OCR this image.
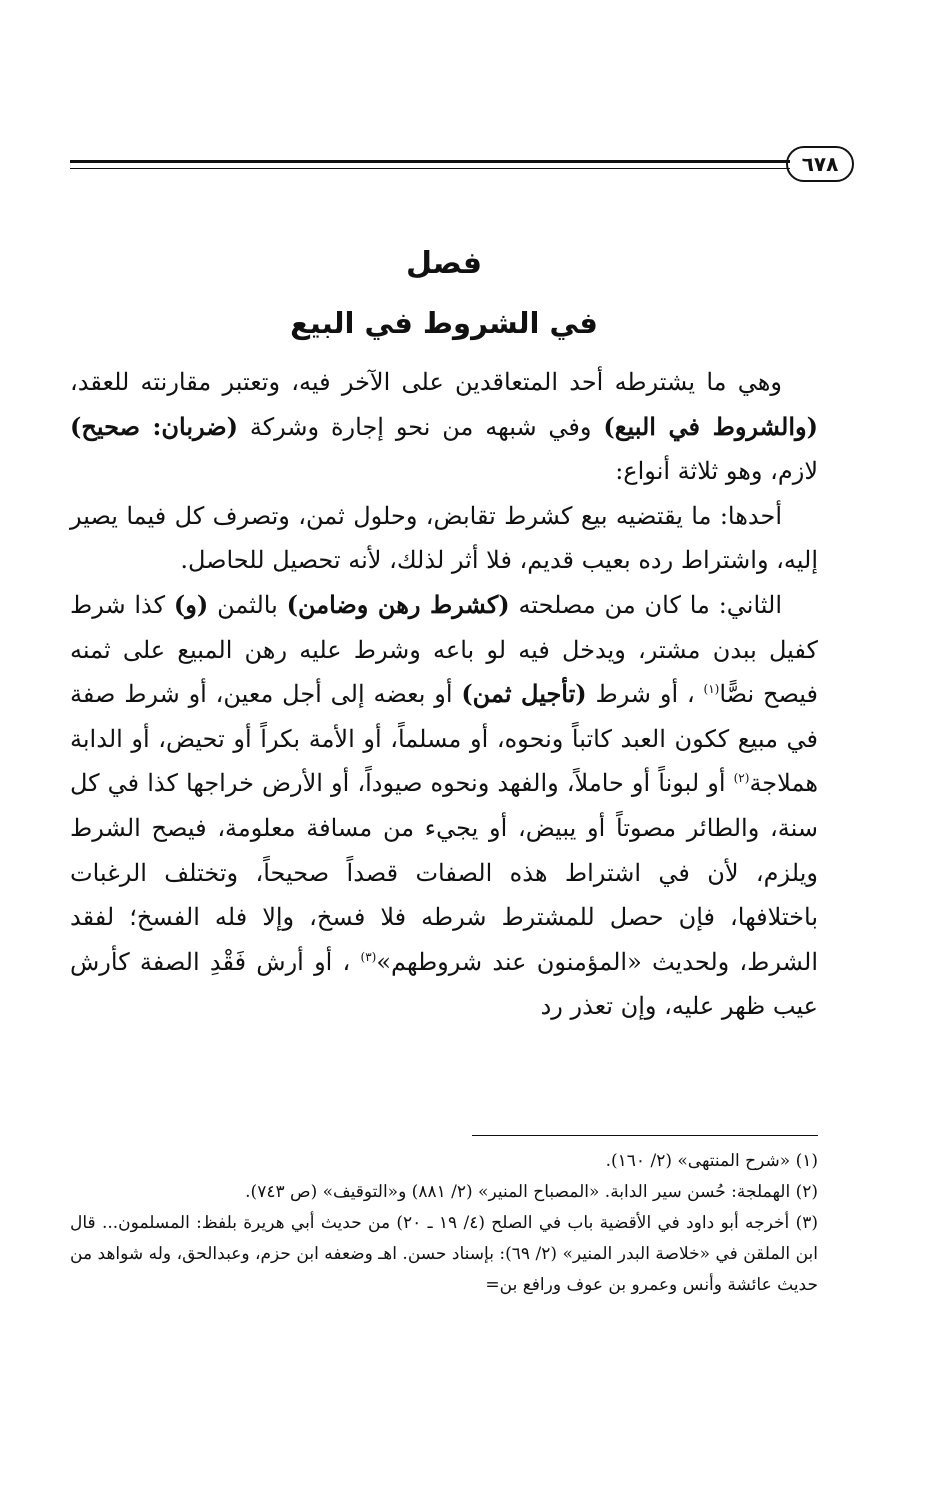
٦٧٨
فصل
في الشروط في البيع

وهي ما يشترطه أحد المتعاقدين على الآخر فيه، وتعتبر مقارنته للعقد، (والشروط في البيع) وفي شبهه من نحو إجارة وشركة (ضربان: صحيح) لازم، وهو ثلاثة أنواع:

أحدها: ما يقتضيه بيع كشرط تقابض، وحلول ثمن، وتصرف كل فيما يصير إليه، واشتراط رده بعيب قديم، فلا أثر لذلك، لأنه تحصيل للحاصل.

الثاني: ما كان من مصلحته (كشرط رهن وضامن) بالثمن (و) كذا شرط كفيل ببدن مشتر، ويدخل فيه لو باعه وشرط عليه رهن المبيع على ثمنه فيصح نصًّا$^{(١)}$ ، أو شرط (تأجيل ثمن) أو بعضه إلى أجل معين، أو شرط صفة في مبيع ككون العبد كاتباً ونحوه، أو مسلماً، أو الأمة بكراً أو تحيض، أو الدابة هملاجة$^{(٢)}$ أو لبوناً أو حاملاً، والفهد ونحوه صيوداً، أو الأرض خراجها كذا في كل سنة، والطائر مصوتاً أو يبيض، أو يجيء من مسافة معلومة، فيصح الشرط ويلزم، لأن في اشتراط هذه الصفات قصداً صحيحاً، وتختلف الرغبات باختلافها، فإن حصل للمشترط شرطه فلا فسخ، وإلا فله الفسخ؛ لفقد الشرط، ولحديث «المؤمنون عند شروطهم»$^{(٣)}$ ، أو أرش فَقْدِ الصفة كأرش عيب ظهر عليه، وإن تعذر رد

(١) «شرح المنتهى» (٢/ ١٦٠).

(٢) الهملجة: حُسن سير الدابة. «المصباح المنير» (٢/ ٨٨١) و«التوقيف» (ص ٧٤٣).

(٣) أخرجه أبو داود في الأقضية باب في الصلح (٤/ ١٩ ـ ٢٠) من حديث أبي هريرة بلفظ: المسلمون... قال ابن الملقن في «خلاصة البدر المنير» (٢/ ٦٩): بإسناد حسن. اهـ وضعفه ابن حزم، وعبدالحق، وله شواهد من حديث عائشة وأنس وعمرو بن عوف ورافع بن=
